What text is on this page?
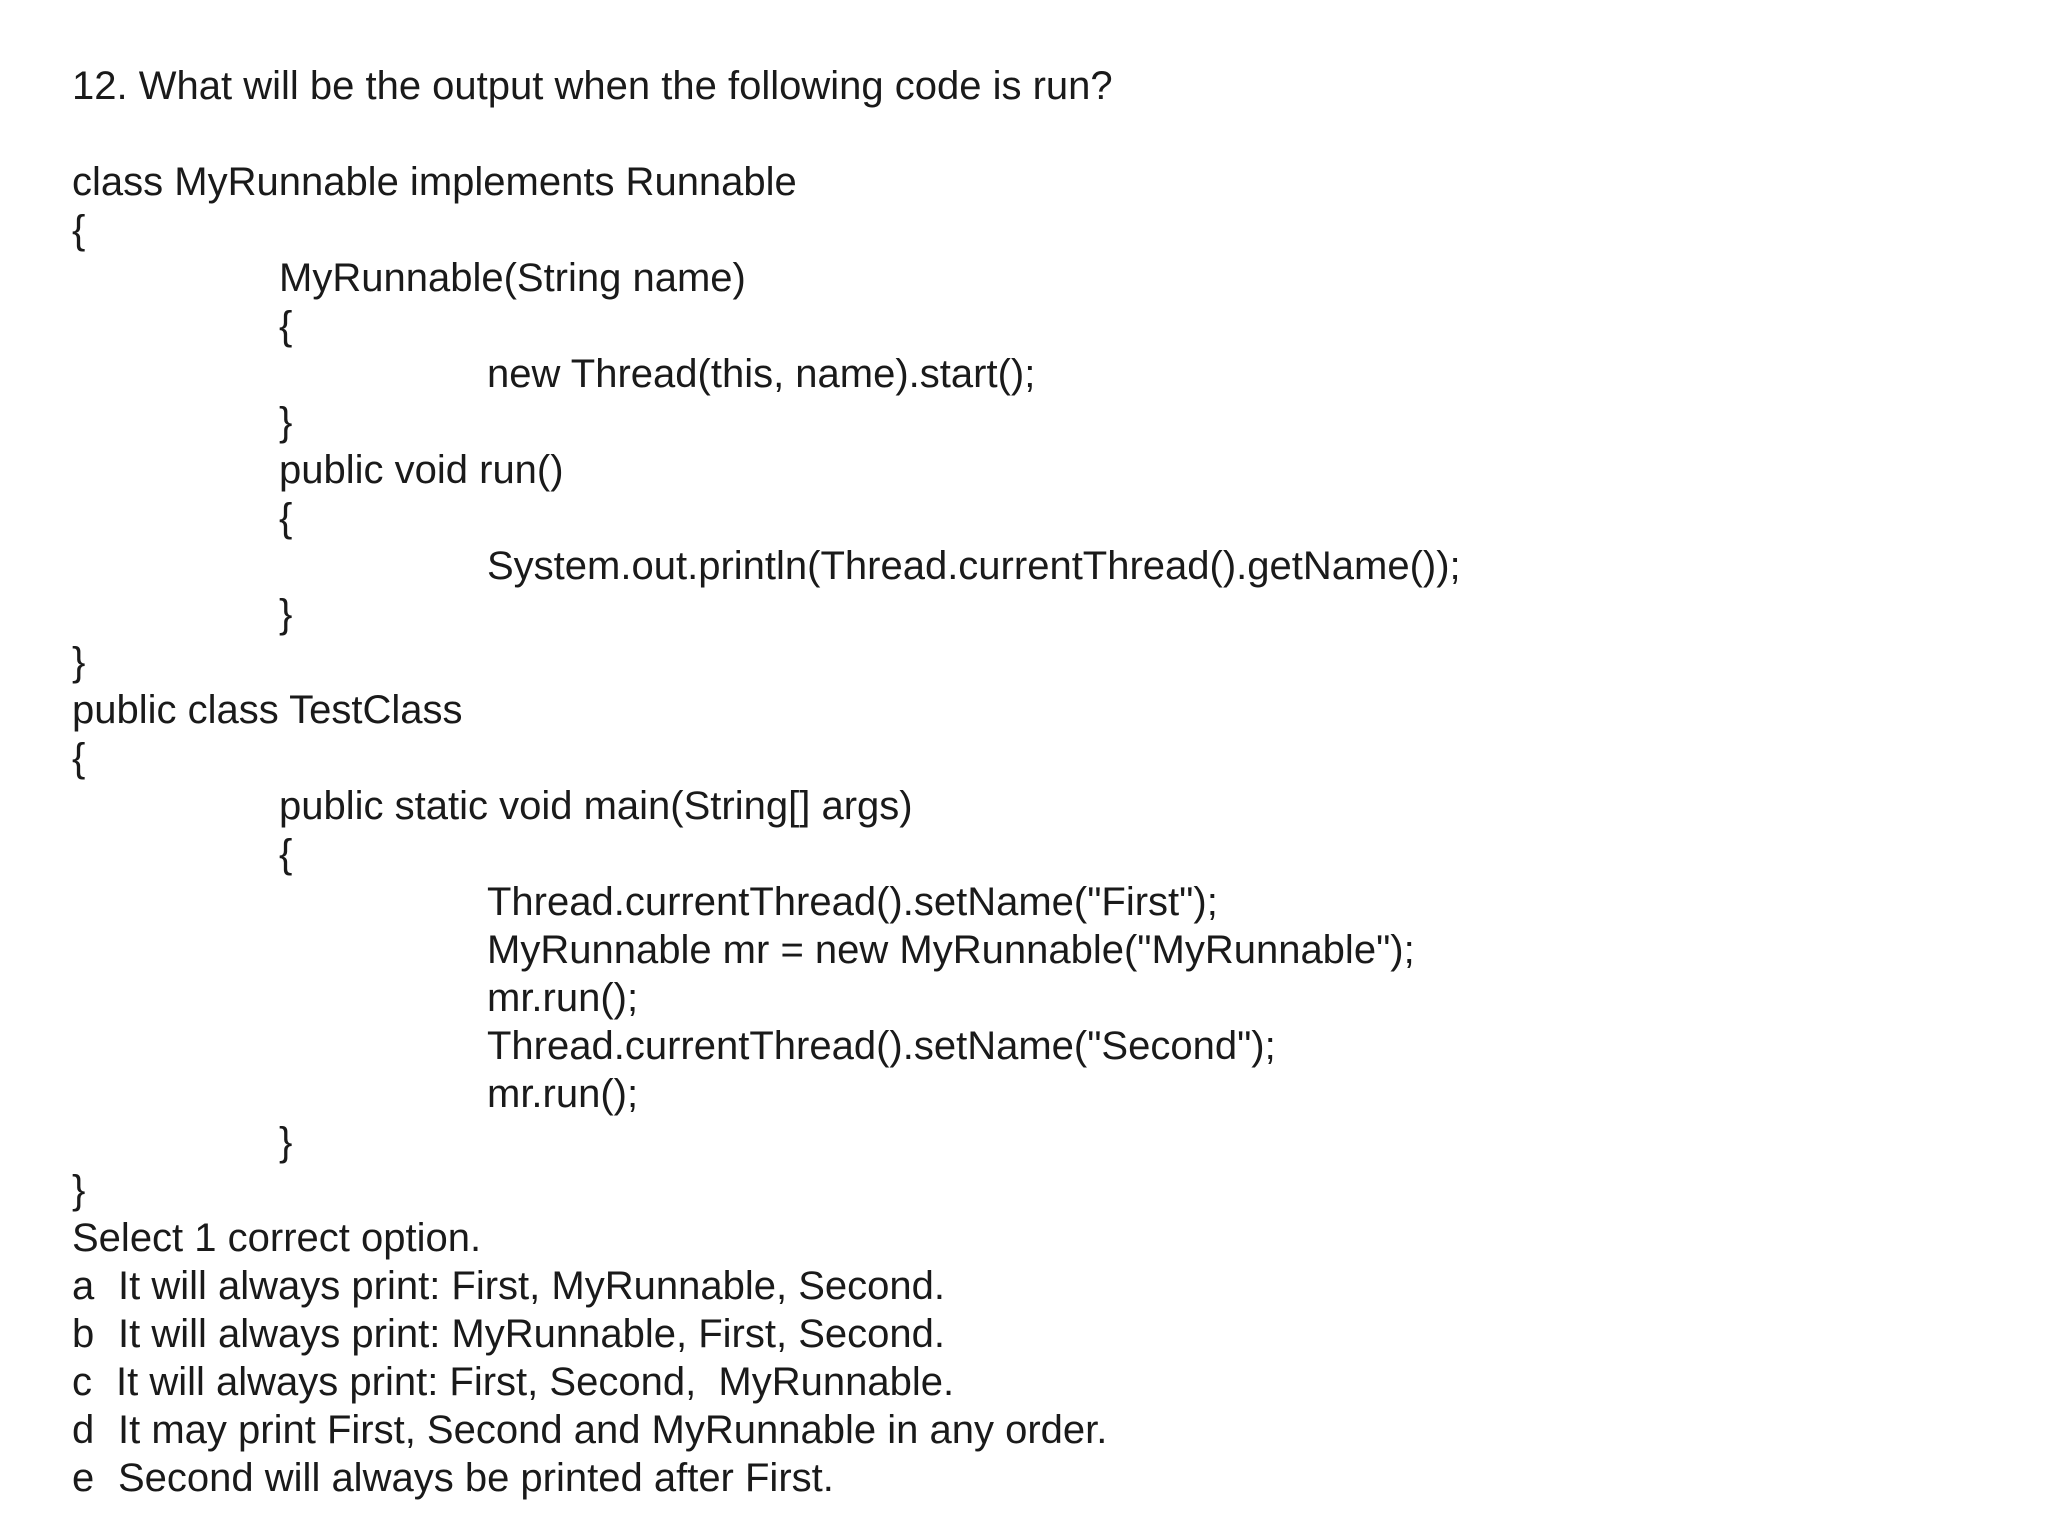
12. What will be the output when the following code is run?
class MyRunnable implements Runnable
{
MyRunnable(String name)
{
new Thread(this, name).start();
}
public void run()
{
System.out.println(Thread.currentThread().getName());
}
}
public class TestClass
{
public static void main(String[] args)
{
Thread.currentThread().setName("First");
MyRunnable mr = new MyRunnable("MyRunnable");
mr.run();
Thread.currentThread().setName("Second");
mr.run();
}
}
Select 1 correct option.
a It will always print: First, MyRunnable, Second.
b It will always print: MyRunnable, First, Second.
c It will always print: First, Second,  MyRunnable.
d It may print First, Second and MyRunnable in any order.
e Second will always be printed after First.
